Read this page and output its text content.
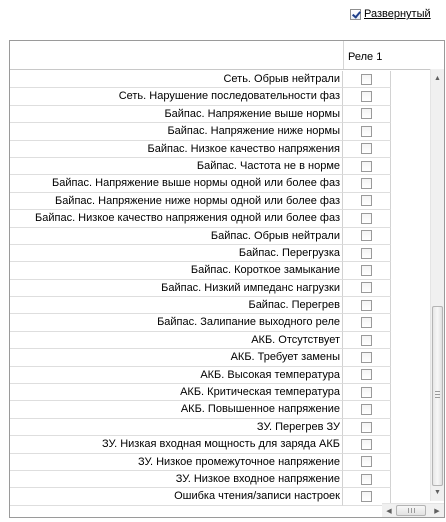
Развернутый
Реле 1
Сеть. Обрыв нейтрали
Сеть. Нарушение последовательности фаз
Байпас. Напряжение выше нормы
Байпас. Напряжение ниже нормы
Байпас. Низкое качество напряжения
Байпас. Частота не в норме
Байпас. Напряжение выше нормы одной или более фаз
Байпас. Напряжение ниже нормы одной или более фаз
Байпас. Низкое качество напряжения одной или более фаз
Байпас. Обрыв нейтрали
Байпас. Перегрузка
Байпас. Короткое замыкание
Байпас. Низкий импеданс нагрузки
Байпас. Перегрев
Байпас. Залипание выходного реле
АКБ. Отсутствует
АКБ. Требует замены
АКБ. Высокая температура
АКБ. Критическая температура
АКБ. Повышенное напряжение
ЗУ. Перегрев ЗУ
ЗУ. Низкая входная мощность для заряда АКБ
ЗУ. Низкое промежуточное напряжение
ЗУ. Низкое входное напряжение
Ошибка чтения/записи настроек
▲
▼
◀	▶
